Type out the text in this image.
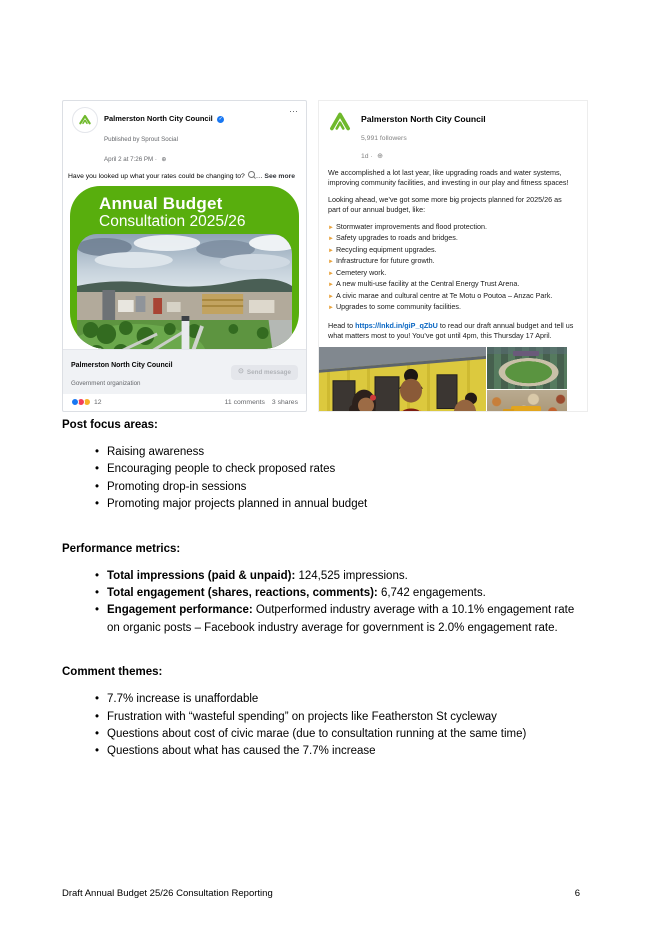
Palmerston North City Council ✓
Published by Sprout Social
April 2 at 7:26 PM · ⊕
⋯
Have you looked up what your rates could be changing to? … See more
Annual Budget
Consultation 2025/26
Palmerston North City Council
Government organization
⊙ Send message
12	11 comments 3 shares
Palmerston North City Council
5,991 followers
1d · ⊕

We accomplished a lot last year, like upgrading roads and water systems, improving community facilities, and investing in our play and fitness spaces!

Looking ahead, we’ve got some more big projects planned for 2025/26 as part of our annual budget, like:

► Stormwater improvements and flood protection.
► Safety upgrades to roads and bridges.
► Recycling equipment upgrades.
► Infrastructure for future growth.
► Cemetery work.
► A new multi-use facility at the Central Energy Trust Arena.
► A civic marae and cultural centre at Te Motu o Poutoa – Anzac Park.
► Upgrades to some community facilities.

Head to https://lnkd.in/giP_qZbU to read our draft annual budget and tell us what matters most to you! You’ve got until 4pm, this Thursday 17 April.

Post focus areas:
• Raising awareness
• Encouraging people to check proposed rates
• Promoting drop-in sessions
• Promoting major projects planned in annual budget
Performance metrics:
• Total impressions (paid & unpaid): 124,525 impressions.
• Total engagement (shares, reactions, comments): 6,742 engagements.
• Engagement performance: Outperformed industry average with a 10.1% engagement rate on organic posts – Facebook industry average for government is 2.0% engagement rate.
Comment themes:
• 7.7% increase is unaffordable
• Frustration with “wasteful spending” on projects like Featherston St cycleway
• Questions about cost of civic marae (due to consultation running at the same time)
• Questions about what has caused the 7.7% increase
Draft Annual Budget 25/26 Consultation Reporting	6
